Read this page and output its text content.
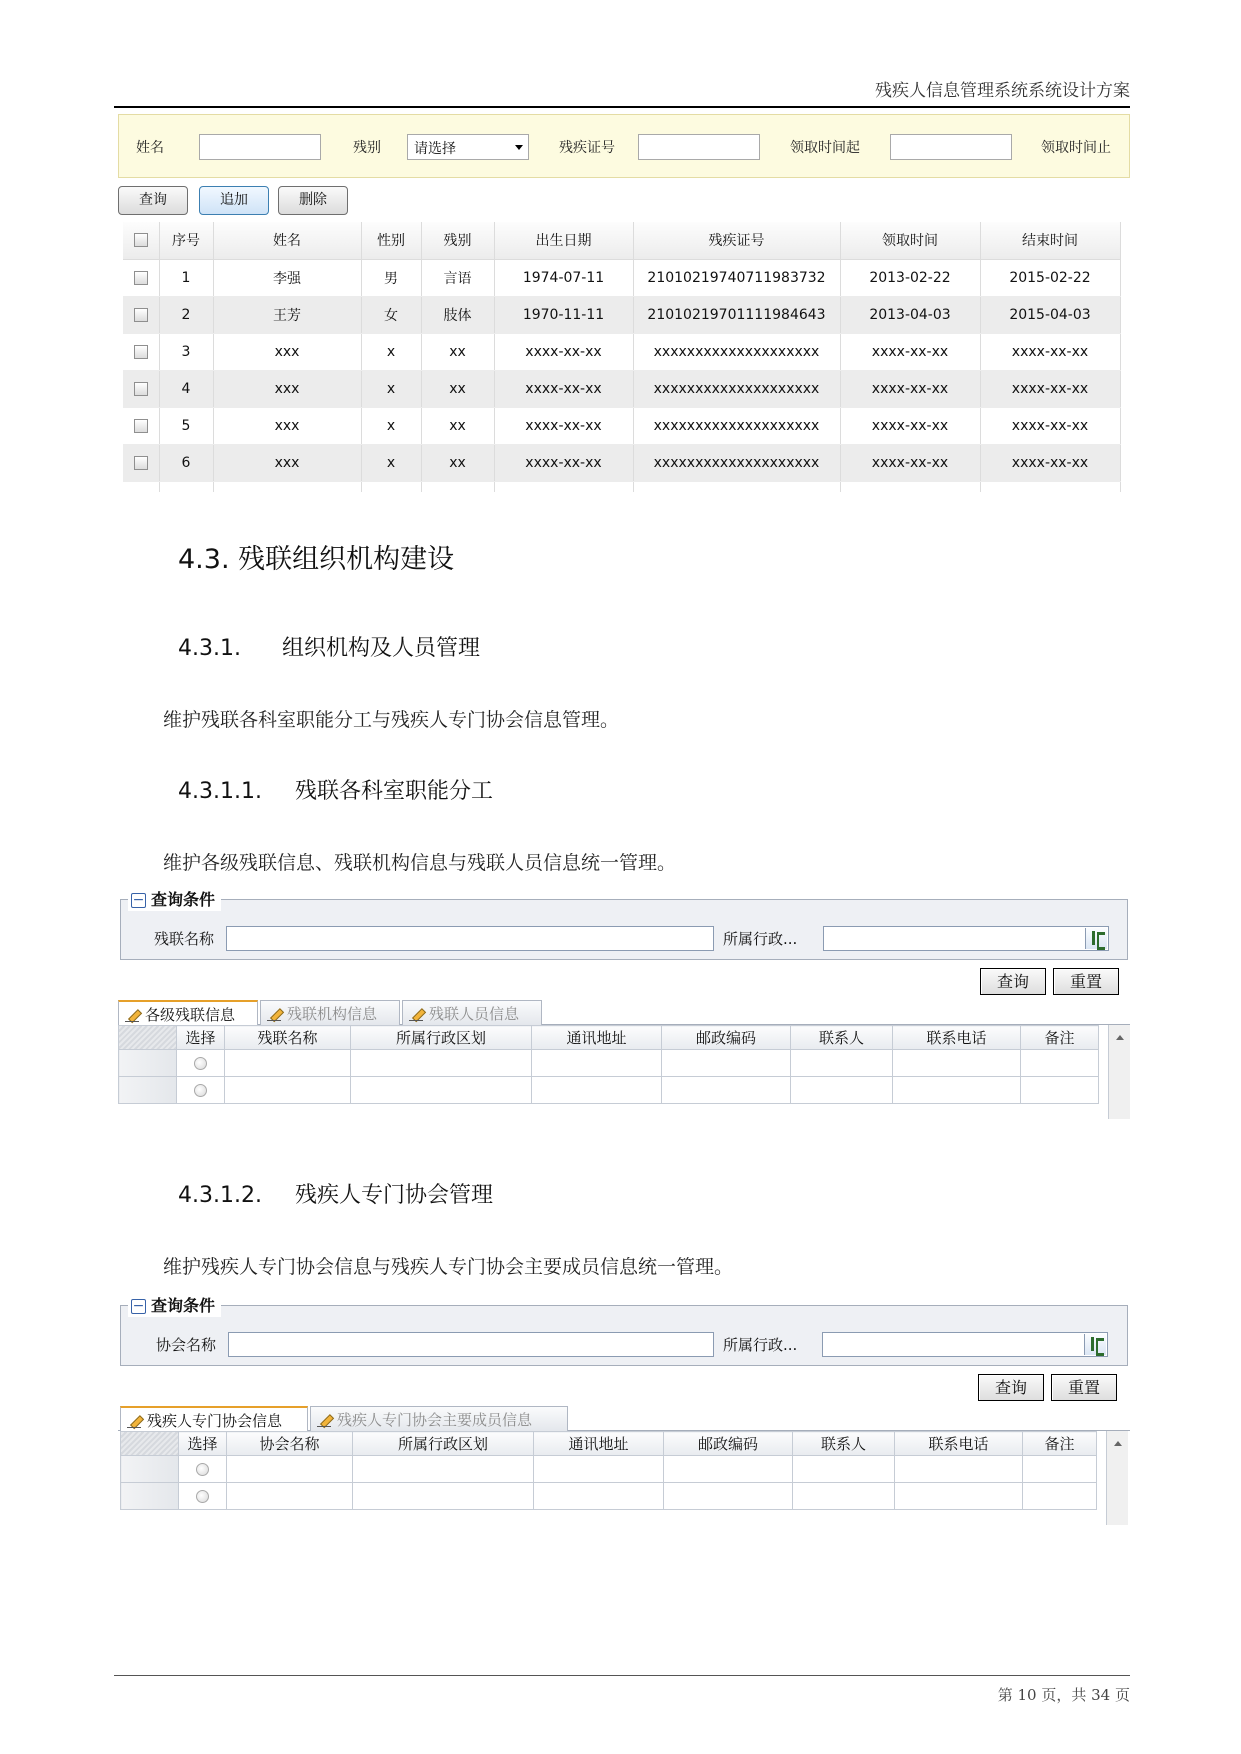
残疾人信息管理系统系统设计方案
姓名	残别	请选择	残疾证号	领取时间起	领取时间止
查询	追加	删除
	序号	姓名	性别	残别	出生日期	残疾证号	领取时间	结束时间
	1	李强	男	言语	1974-07-11	2101021974071198373​2	2013-02-22	2015-02-22
	2	王芳	女	肢体	1970-11-11	21010219701111984643	2013-04-03	2015-04-03
	3	xxx	x	xx	xxxx-xx-xx	xxxxxxxxxxxxxxxxxxxx	xxxx-xx-xx	xxxx-xx-xx
	4	xxx	x	xx	xxxx-xx-xx	xxxxxxxxxxxxxxxxxxxx	xxxx-xx-xx	xxxx-xx-xx
	5	xxx	x	xx	xxxx-xx-xx	xxxxxxxxxxxxxxxxxxxx	xxxx-xx-xx	xxxx-xx-xx
	6	xxx	x	xx	xxxx-xx-xx	xxxxxxxxxxxxxxxxxxxx	xxxx-xx-xx	xxxx-xx-xx

4.3. 残联组织机构建设
4.3.1. 组织机构及人员管理
维护残联各科室职能分工与残疾人专门协会信息管理。
4.3.1.1. 残联各科室职能分工
维护各级残联信息、残联机构信息与残联人员信息统一管理。
− 查询条件
残联名称	所属行政...
查询	重置
各级残联信息	残联机构信息	残联人员信息
	选择	残联名称	所属行政区划	通讯地址	邮政编码	联系人	联系电话	备注

4.3.1.2. 残疾人专门协会管理
维护残疾人专门协会信息与残疾人专门协会主要成员信息统一管理。
− 查询条件
协会名称	所属行政...
查询	重置
残疾人专门协会信息	残疾人专门协会主要成员信息
	选择	协会名称	所属行政区划	通讯地址	邮政编码	联系人	联系电话	备注

第 10 页，共 34 页
